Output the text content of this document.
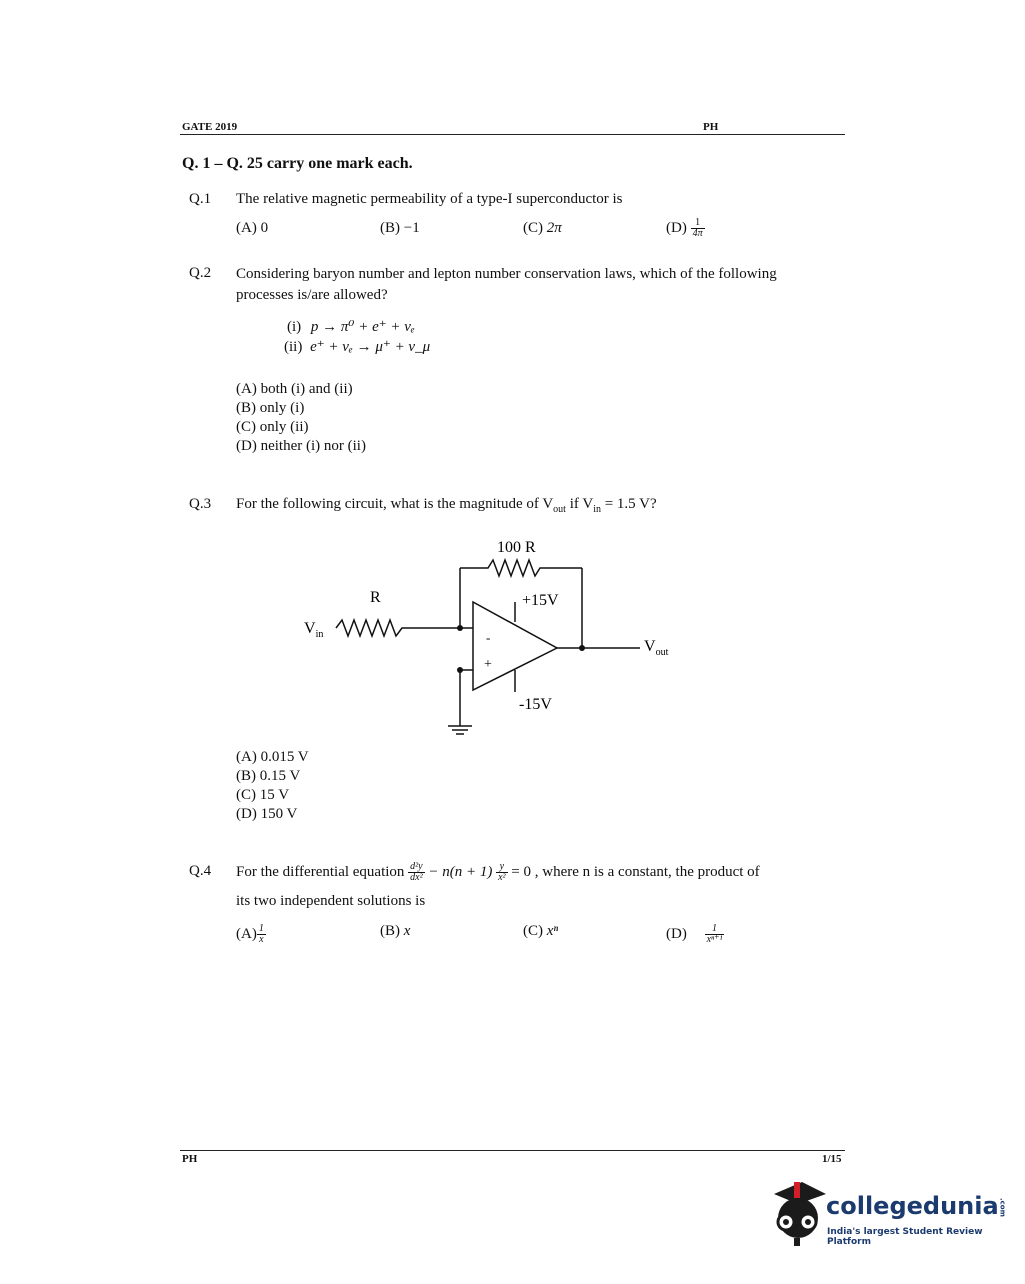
GATE 2019	PH
Q. 1 – Q. 25 carry one mark each.
Q.1 The relative magnetic permeability of a type-I superconductor is
(A) 0	(B) −1	(C) 2π	$(D) \frac{1}{4\pi}$
Q.2 Considering baryon number and lepton number conservation laws, which of the following
processes is/are allowed?
(i) p → π⁰ + e⁺ + νₑ
(ii) e⁺ + νₑ → μ⁺ + ν_μ
(A) both (i) and (ii)
(B) only (i)
(C) only (ii)
(D) neither (i) nor (ii)
Q.3 For the following circuit, what is the magnitude of $V_{out}$ if $V_{in} = 1.5$ V?
100 R
R
$V_{in}$	-
+
+15V
-15V
$V_{out}$
(A) 0.015 V
(B) 0.15 V
(C) 15 V
(D) 150 V
Q.4 For the differential equation $\frac{\text{d²y}}{\text{dx²}} - n(n + 1) \frac{y}{\text{x²}} = 0$ , where n is a constant, the product of
its two independent solutions is
$(A) \frac{1}{x}$	(B) x	(C) xⁿ	$(D) \frac{1}{\text{xⁿ⁺¹}}$
PH	1/15
collegedunia.com
India's largest Student Review Platform
